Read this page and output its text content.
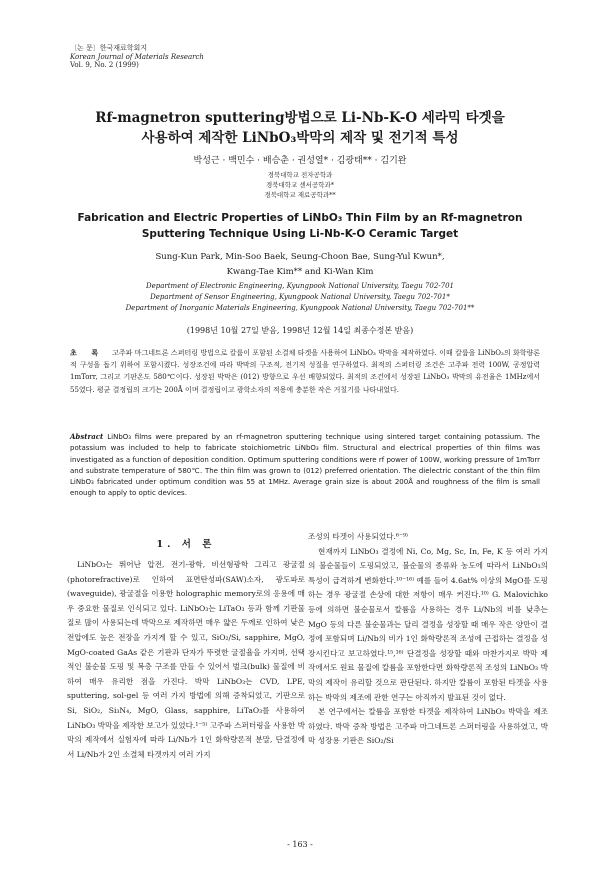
〔논 문〕한국재료학회지
Korean Journal of Materials Research
Vol. 9, No. 2 (1999)
Rf-magnetron sputtering방법으로 Li-Nb-K-O 세라믹 타겟을
사용하여 제작한 LiNbO₃박막의 제작 및 전기적 특성
박성근 · 백민수 · 배승춘 · 권성열* · 김광태** · 김기완
경북대학교 전자공학과
경북대학교 센서공학과*
경북대학교 재료공학과**
Fabrication and Electric Properties of LiNbO₃ Thin Film by an Rf-magnetron
Sputtering Technique Using Li-Nb-K-O Ceramic Target
Sung-Kun Park, Min-Soo Baek, Seung-Choon Bae, Sung-Yul Kwun*,
Kwang-Tae Kim** and Ki-Wan Kim
Department of Electronic Engineering, Kyungpook National University, Taegu 702-701
Department of Sensor Engineering, Kyungpook National University, Taegu 702-701*
Department of Inorganic Materials Engineering, Kyungpook National University, Taegu 702-701**
(1998년 10월 27일 받음, 1998년 12월 14일 최종수정본 받음)
초 록 고주파 마그네트론 스퍼터링 방법으로 칼륨이 포함된 소결체 타겟을 사용하여 LiNbO₃ 박막을 제작하였다. 이때 칼륨을 LiNbO₃의 화학량론적 구성을 돕기 위하여 포함시켰다. 성장조건에 따라 박막의 구조적, 전기적 성질을 연구하였다. 최적의 스퍼터링 조건은 고주파 전력 100W, 공정압력 1mTorr, 그리고 기판온도 580℃이다. 성장된 박막은 (012) 방향으로 우선 배향되었다. 최적의 조건에서 성장된 LiNbO₃ 박막의 유전율은 1MHz에서 55였다. 평균 결정립의 크기는 200Å 이며 결정립이고 광학소자의 적용에 충분한 작은 거칠기를 나타내었다.
Abstract LiNbO₃ films were prepared by an rf-magnetron sputtering technique using sintered target containing potassium. The potassium was included to help to fabricate stoichiometric LiNbO₃ film. Structural and electrical properties of thin films was investigated as a function of deposition condition. Optimum sputtering conditions were rf power of 100W, working pressure of 1mTorr and substrate temperature of 580℃. The thin film was grown to (012) preferred orientation. The dielectric constant of the thin film LiNbO₃ fabricated under optimum condition was 55 at 1MHz. Average grain size is about 200Å and roughness of the film is small enough to apply to optic devices.
1. 서 론

LiNbO₃는 뛰어난 압전, 전기-광학, 비선형광학 그리고 광굴절(photorefractive)로 인하여 표면탄성파(SAW)소자, 광도파로(waveguide), 광굴절을 이용한 holographic memory로의 응용에 매우 중요한 물질로 인식되고 있다. LiNbO₃는 LiTaO₃ 등과 함께 기판물질로 많이 사용되는데 박막으로 제작하면 매우 얇은 두께로 인하여 낮은 전압에도 높은 전장을 가지게 할 수 있고, SiO₂/Si, sapphire, MgO, MgO-coated GaAs 같은 기판과 단자가 뚜렷한 굴절율을 가지며, 선택적인 불순물 도핑 및 복층 구조를 만들 수 있어서 벌크(bulk) 물질에 비하여 매우 유리한 점을 가진다. 박막 LiNbO₃는 CVD, LPE, sputtering, sol-gel 등 여러 가지 방법에 의해 증착되었고, 기판으로 Si, SiO₂, Si₃N₄, MgO, Glass, sapphire, LiTaO₃를 사용하여 LiNbO₃ 박막을 제작한 보고가 있었다.¹⁻⁵⁾ 고주파 스퍼터링을 사용한 박막의 제작에서 실험자에 따라 Li/Nb가 1인 화학량론적 분말, 단결정에서 Li/Nb가 2인 소결체 타겟까지 여러 가지

조성의 타겟이 사용되었다.⁶⁻⁹⁾

현재까지 LiNbO₃ 결정에 Ni, Co, Mg, Sc, In, Fe, K 등 여러 가지의 불순물들이 도핑되었고, 불순물의 종류와 농도에 따라서 LiNbO₃의 특성이 급격하게 변화한다.¹⁰⁻¹⁶⁾ 예를 들어 4.6at% 이상의 MgO를 도핑하는 경우 광굴절 손상에 대한 저항이 매우 커진다.¹⁰⁾ G. Malovichko 등에 의하면 불순물로서 칼륨을 사용하는 경우 Li/Nb의 비를 낮추는 MgO 등의 다른 불순물과는 달리 결정을 성장할 때 매우 작은 양만이 결정에 포함되며 Li/Nb의 비가 1인 화학량론적 조성에 근접하는 결정을 성장시킨다고 보고하였다.¹⁵,¹⁶⁾ 단결정을 성장할 때와 마찬가지로 박막 제작에서도 원료 물질에 칼륨을 포함한다면 화학량론적 조성의 LiNbO₃ 박막의 제작이 유리할 것으로 판단된다. 하지만 칼륨이 포함된 타겟을 사용하는 박막의 제조에 관한 연구는 아직까지 발표된 것이 없다.

본 연구에서는 칼륨을 포함한 타겟을 제작하여 LiNbO₃ 박막을 제조하였다. 박막 증착 방법은 고주파 마그네트론 스퍼터링을 사용하였고, 박막 성장용 기판은 SiO₂/Si

- 163 -
